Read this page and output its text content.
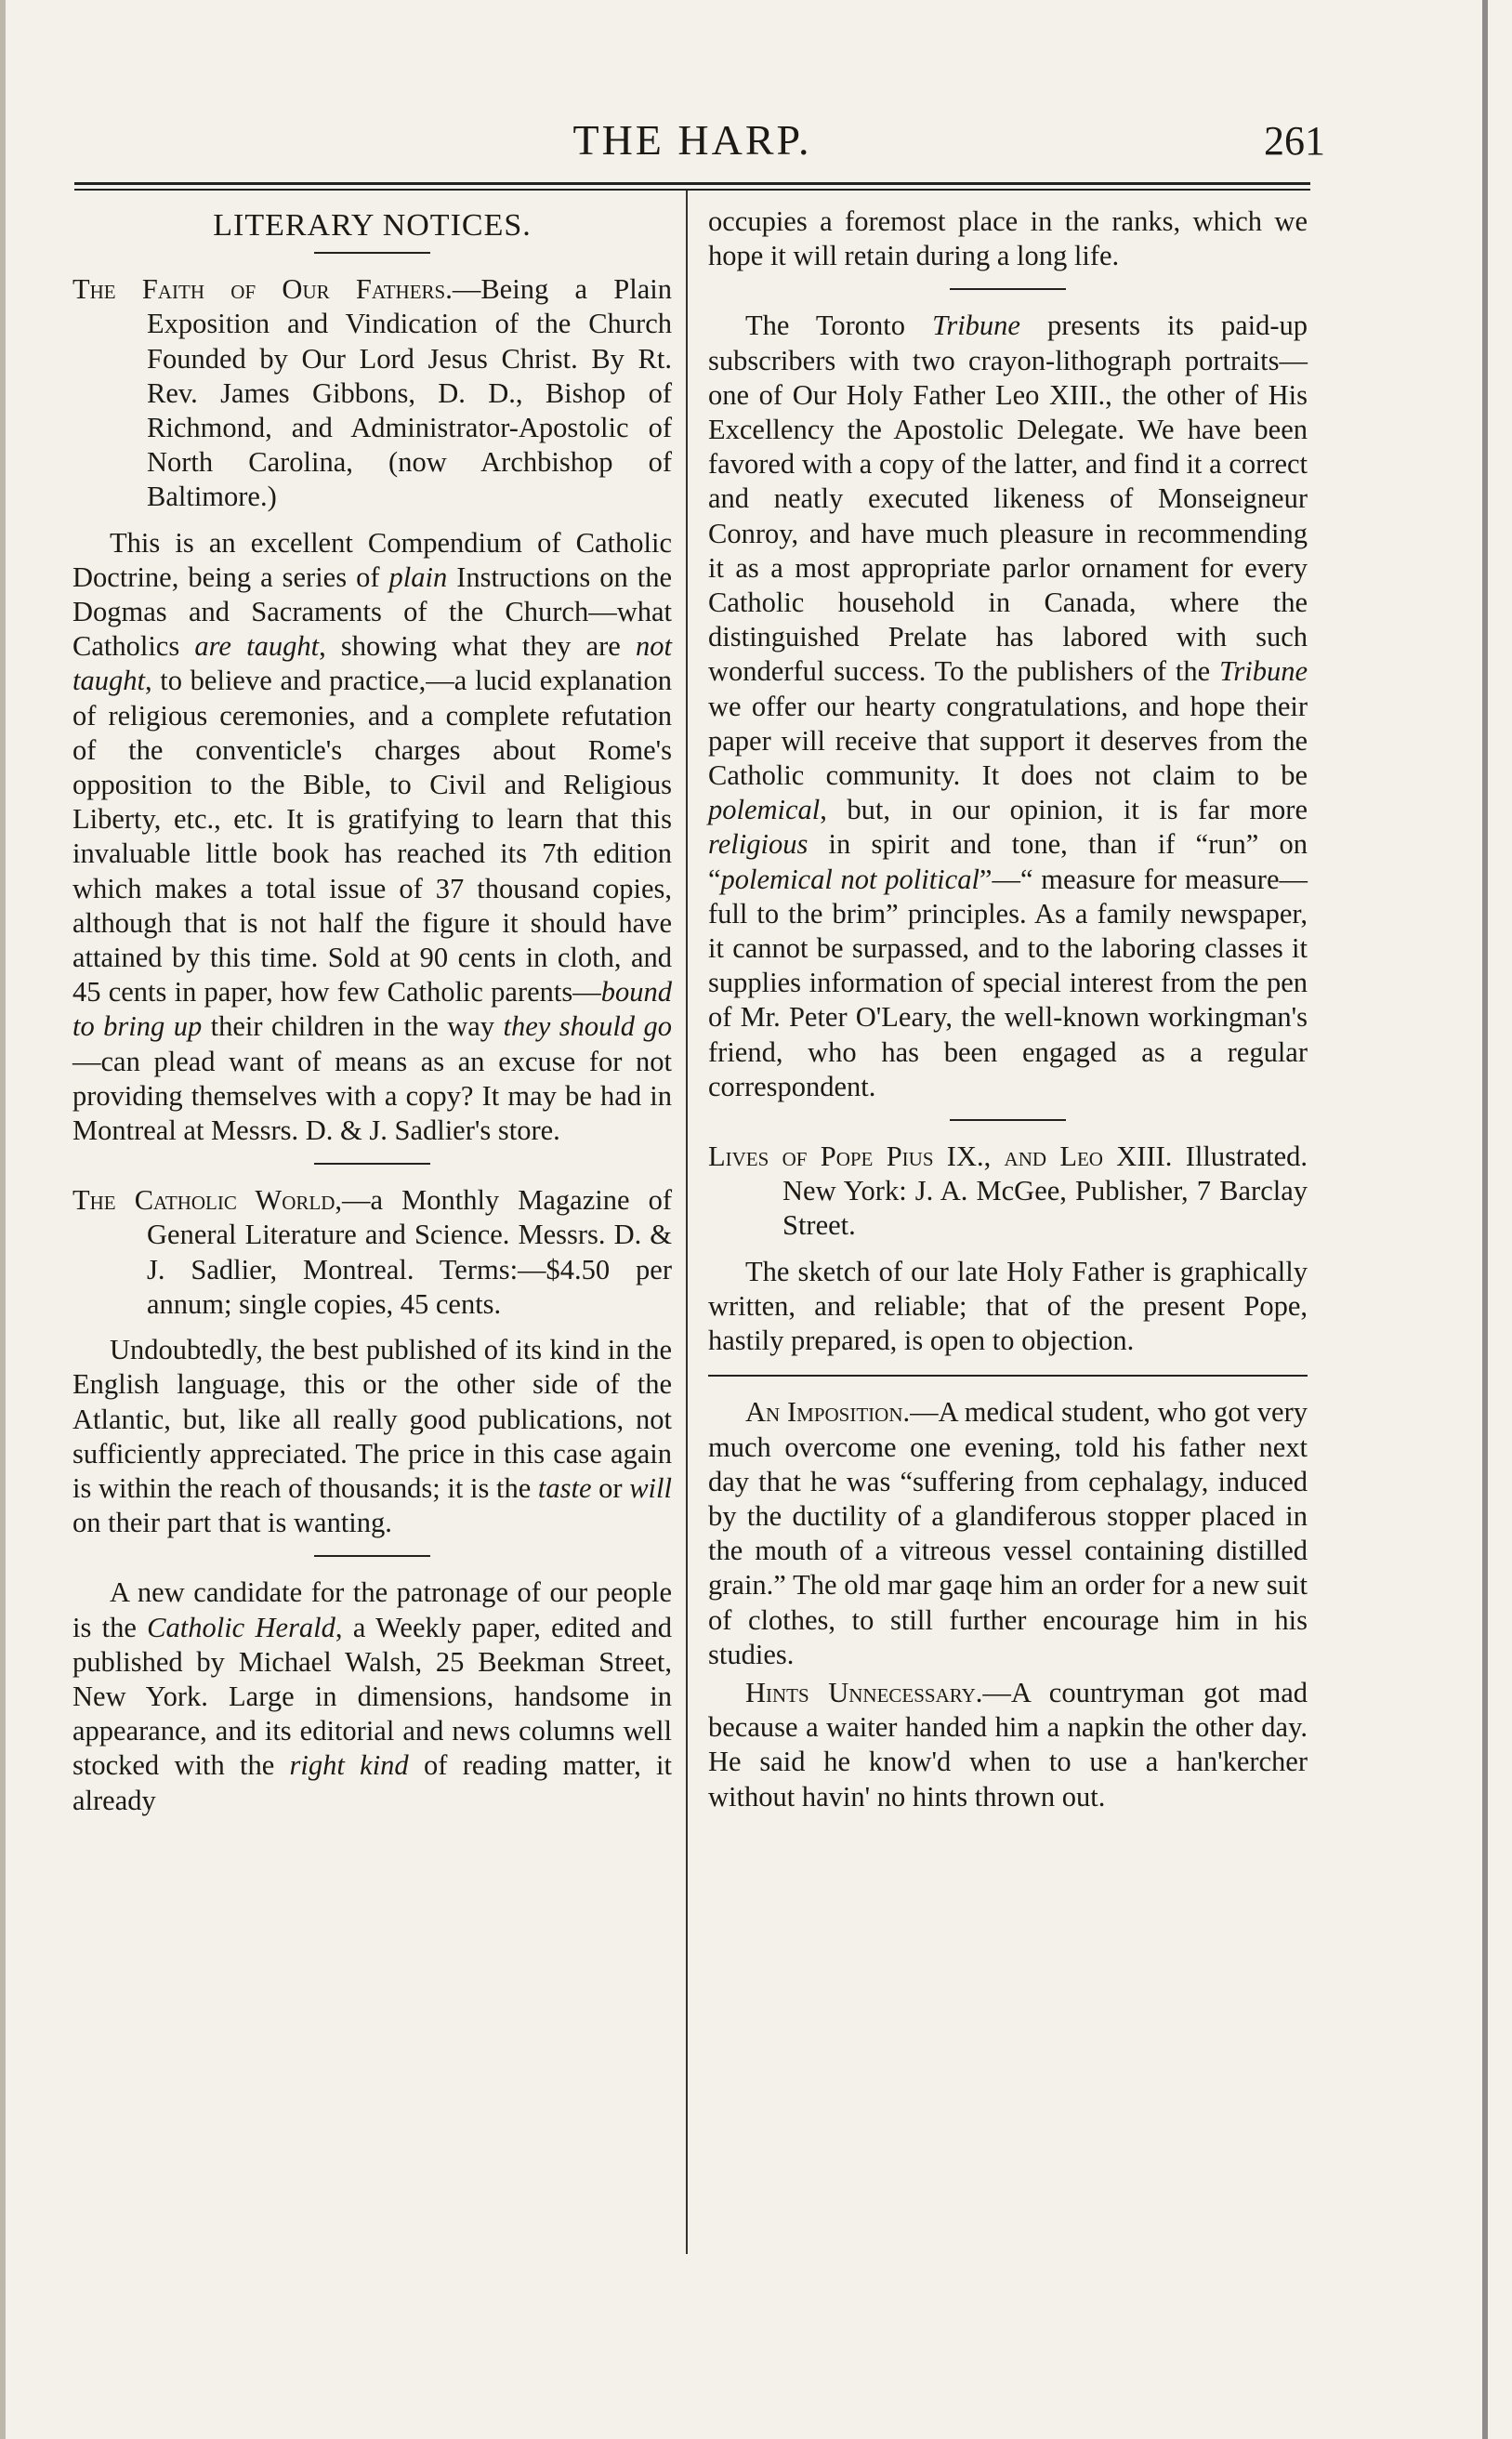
THE HARP.	261
LITERARY NOTICES.
The Faith of Our Fathers.—Being a Plain Exposition and Vindication of the Church Founded by Our Lord Jesus Christ. By Rt. Rev. James Gibbons, D. D., Bishop of Richmond, and Administrator-Apostolic of North Carolina, (now Archbishop of Baltimore.)

This is an excellent Compendium of Catholic Doctrine, being a series of plain Instructions on the Dogmas and Sacraments of the Church—what Catholics are taught, showing what they are not taught, to believe and practice,—a lucid explanation of religious ceremonies, and a complete refutation of the conventicle's charges about Rome's opposition to the Bible, to Civil and Religious Liberty, etc., etc. It is gratifying to learn that this invaluable little book has reached its 7th edition which makes a total issue of 37 thousand copies, although that is not half the figure it should have attained by this time. Sold at 90 cents in cloth, and 45 cents in paper, how few Catholic parents—bound to bring up their children in the way they should go—can plead want of means as an excuse for not providing themselves with a copy? It may be had in Montreal at Messrs. D. & J. Sadlier's store.

The Catholic World,—a Monthly Magazine of General Literature and Science. Messrs. D. & J. Sadlier, Montreal. Terms:—$4.50 per annum; single copies, 45 cents.

Undoubtedly, the best published of its kind in the English language, this or the other side of the Atlantic, but, like all really good publications, not sufficiently appreciated. The price in this case again is within the reach of thousands; it is the taste or will on their part that is wanting.

A new candidate for the patronage of our people is the Catholic Herald, a Weekly paper, edited and published by Michael Walsh, 25 Beekman Street, New York. Large in dimensions, handsome in appearance, and its editorial and news columns well stocked with the right kind of reading matter, it already

occupies a foremost place in the ranks, which we hope it will retain during a long life.

The Toronto Tribune presents its paid-up subscribers with two crayon-lithograph portraits—one of Our Holy Father Leo XIII., the other of His Excellency the Apostolic Delegate. We have been favored with a copy of the latter, and find it a correct and neatly executed likeness of Monseigneur Conroy, and have much pleasure in recommending it as a most appropriate parlor ornament for every Catholic household in Canada, where the distinguished Prelate has labored with such wonderful success. To the publishers of the Tribune we offer our hearty congratulations, and hope their paper will receive that support it deserves from the Catholic community. It does not claim to be polemical, but, in our opinion, it is far more religious in spirit and tone, than if “run” on “polemical not political”—“ measure for measure—full to the brim” principles. As a family newspaper, it cannot be surpassed, and to the laboring classes it supplies information of special interest from the pen of Mr. Peter O'Leary, the well-known workingman's friend, who has been engaged as a regular correspondent.

Lives of Pope Pius IX., and Leo XIII. Illustrated. New York: J. A. McGee, Publisher, 7 Barclay Street.

The sketch of our late Holy Father is graphically written, and reliable; that of the present Pope, hastily prepared, is open to objection.

An Imposition.—A medical student, who got very much overcome one evening, told his father next day that he was “suffering from cephalagy, induced by the ductility of a glandiferous stopper placed in the mouth of a vitreous vessel containing distilled grain.” The old mar gaqe him an order for a new suit of clothes, to still further encourage him in his studies.

Hints Unnecessary.—A countryman got mad because a waiter handed him a napkin the other day. He said he know'd when to use a han'kercher without havin' no hints thrown out.
